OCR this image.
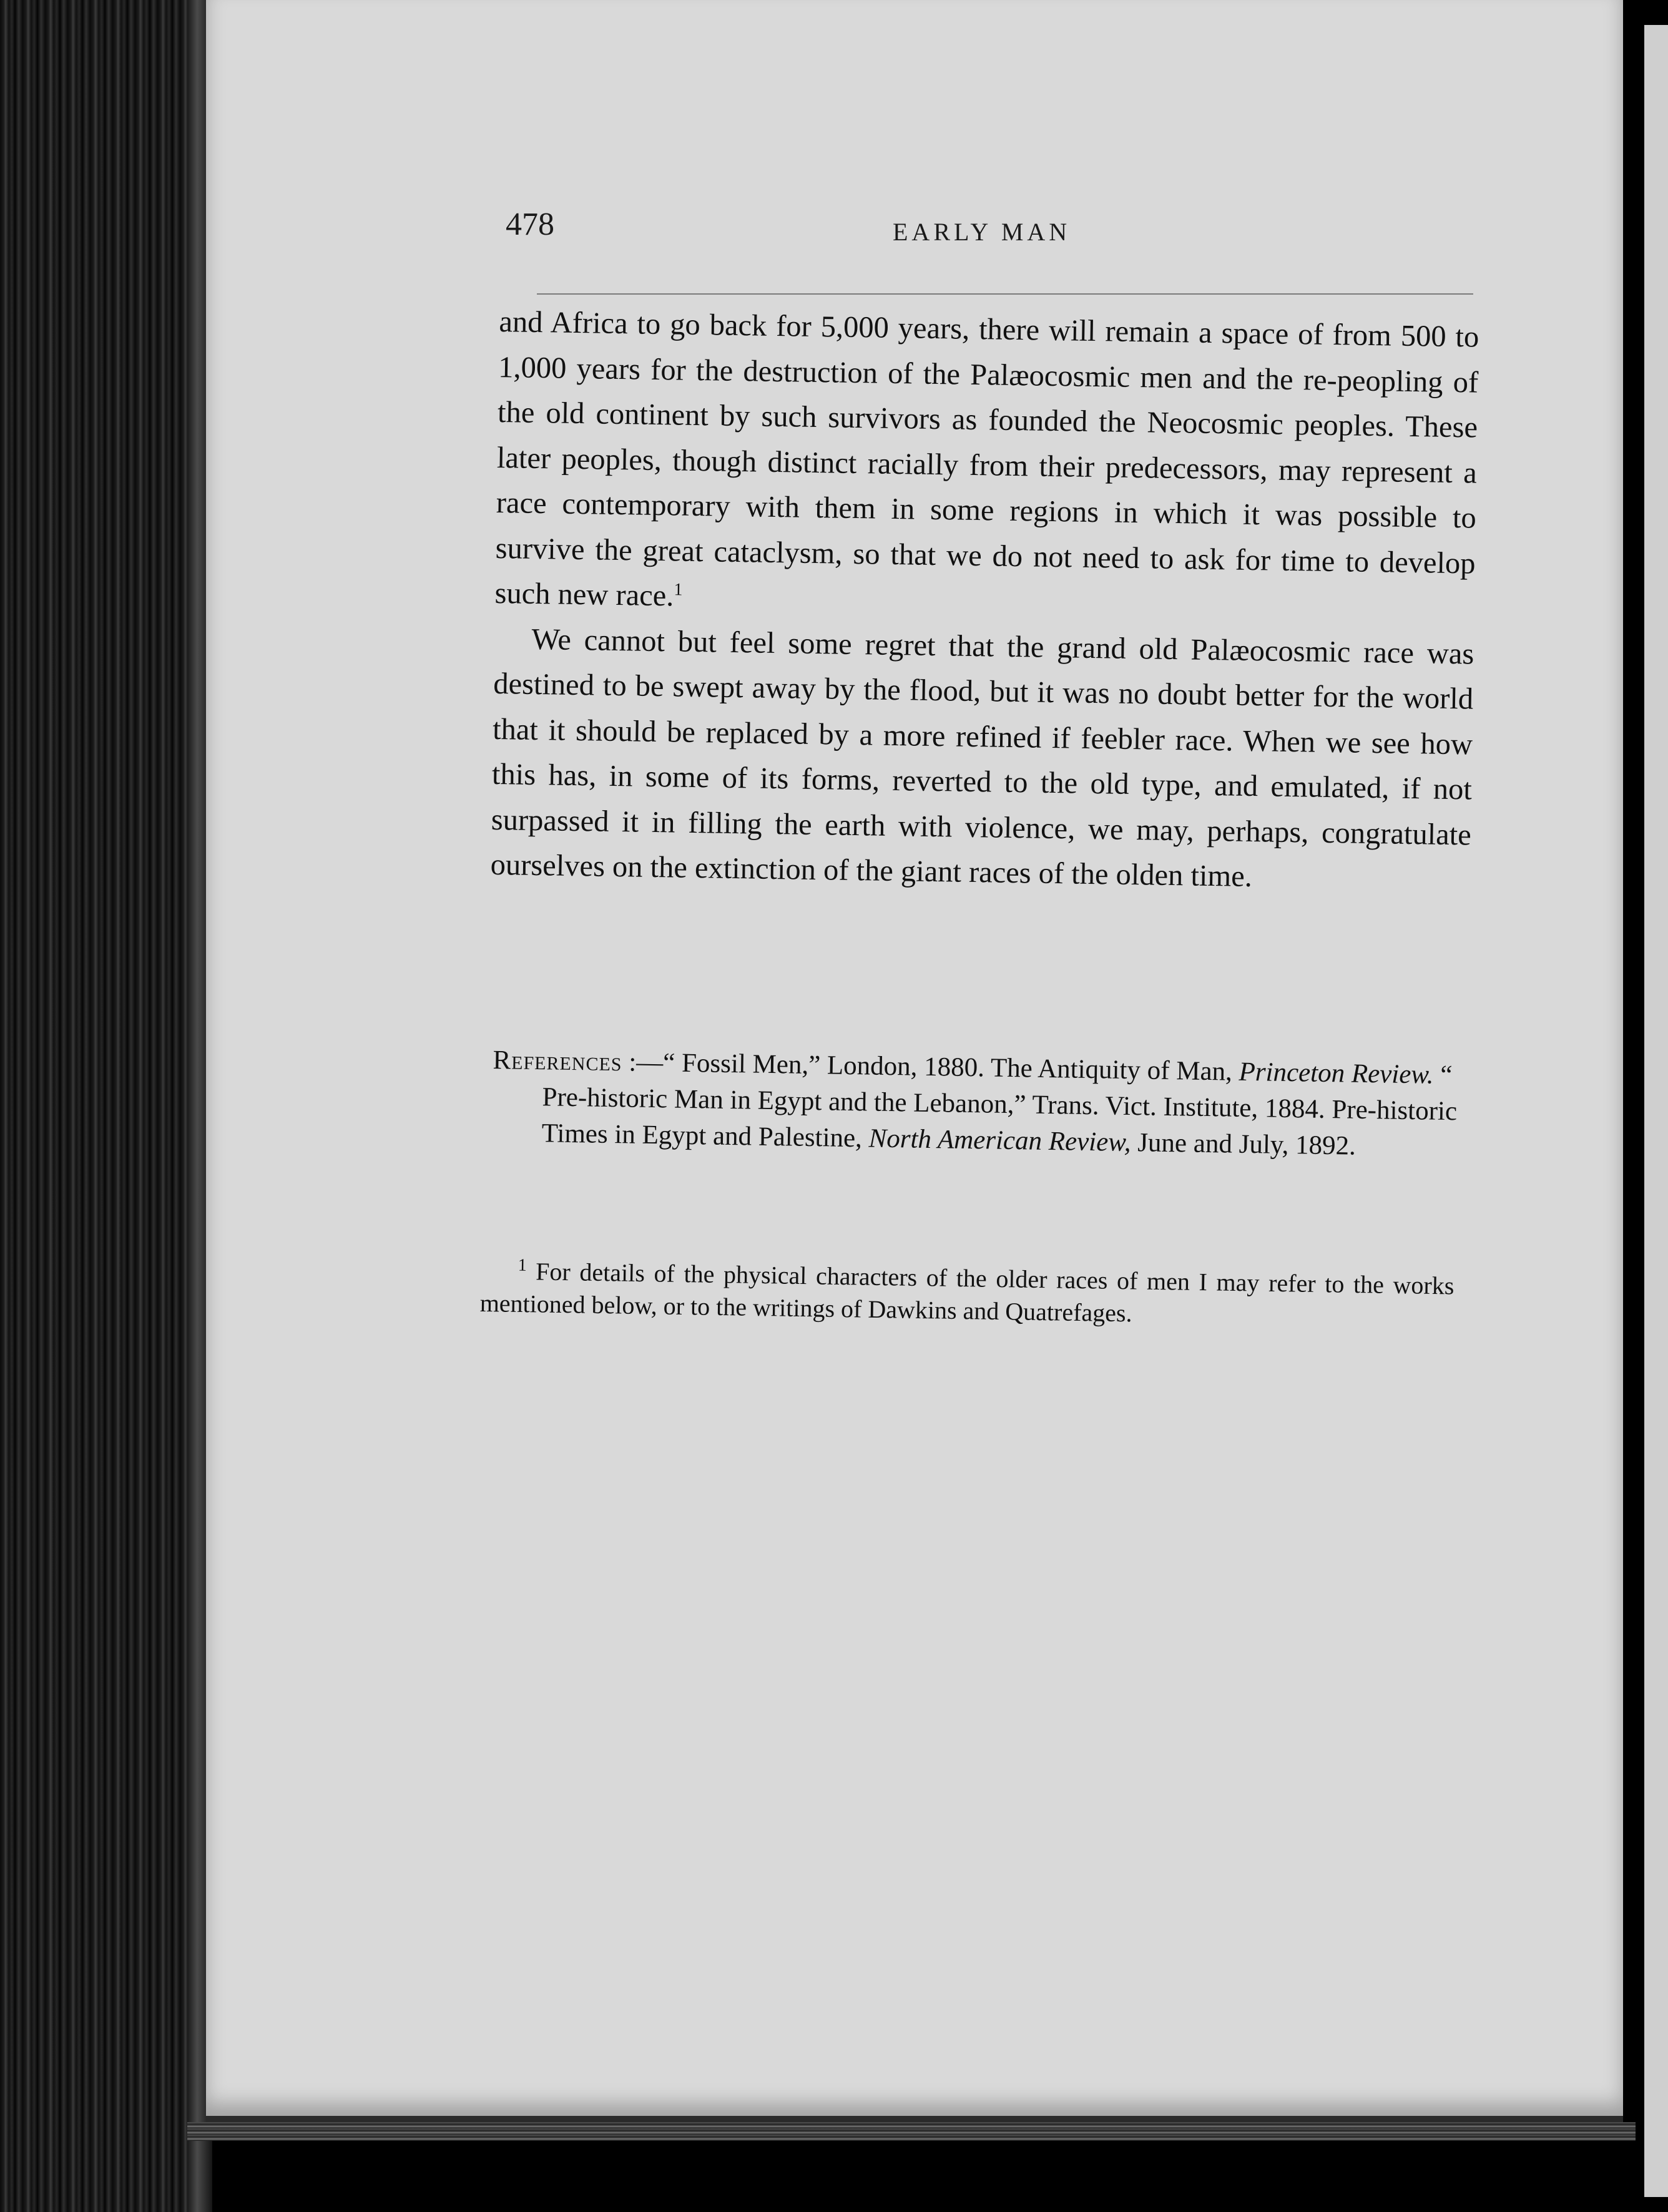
478	EARLY MAN

and Africa to go back for 5,000 years, there will remain a space of from 500 to 1,000 years for the destruction of the Palæocosmic men and the re-peopling of the old continent by such survivors as founded the Neocosmic peoples. These later peoples, though distinct racially from their predecessors, may represent a race contemporary with them in some regions in which it was possible to survive the great cataclysm, so that we do not need to ask for time to develop such new race.$^1$

We cannot but feel some regret that the grand old Palæocosmic race was destined to be swept away by the flood, but it was no doubt better for the world that it should be replaced by a more refined if feebler race. When we see how this has, in some of its forms, reverted to the old type, and emulated, if not surpassed it in filling the earth with violence, we may, perhaps, congratulate ourselves on the extinction of the giant races of the olden time.

References :—“ Fossil Men,” London, 1880. The Antiquity of Man, Princeton Review. “ Pre-historic Man in Egypt and the Lebanon,” Trans. Vict. Institute, 1884. Pre-historic Times in Egypt and Palestine, North American Review, June and July, 1892.
$^1$ For details of the physical characters of the older races of men I may refer to the works mentioned below, or to the writings of Dawkins and Quatrefages.
